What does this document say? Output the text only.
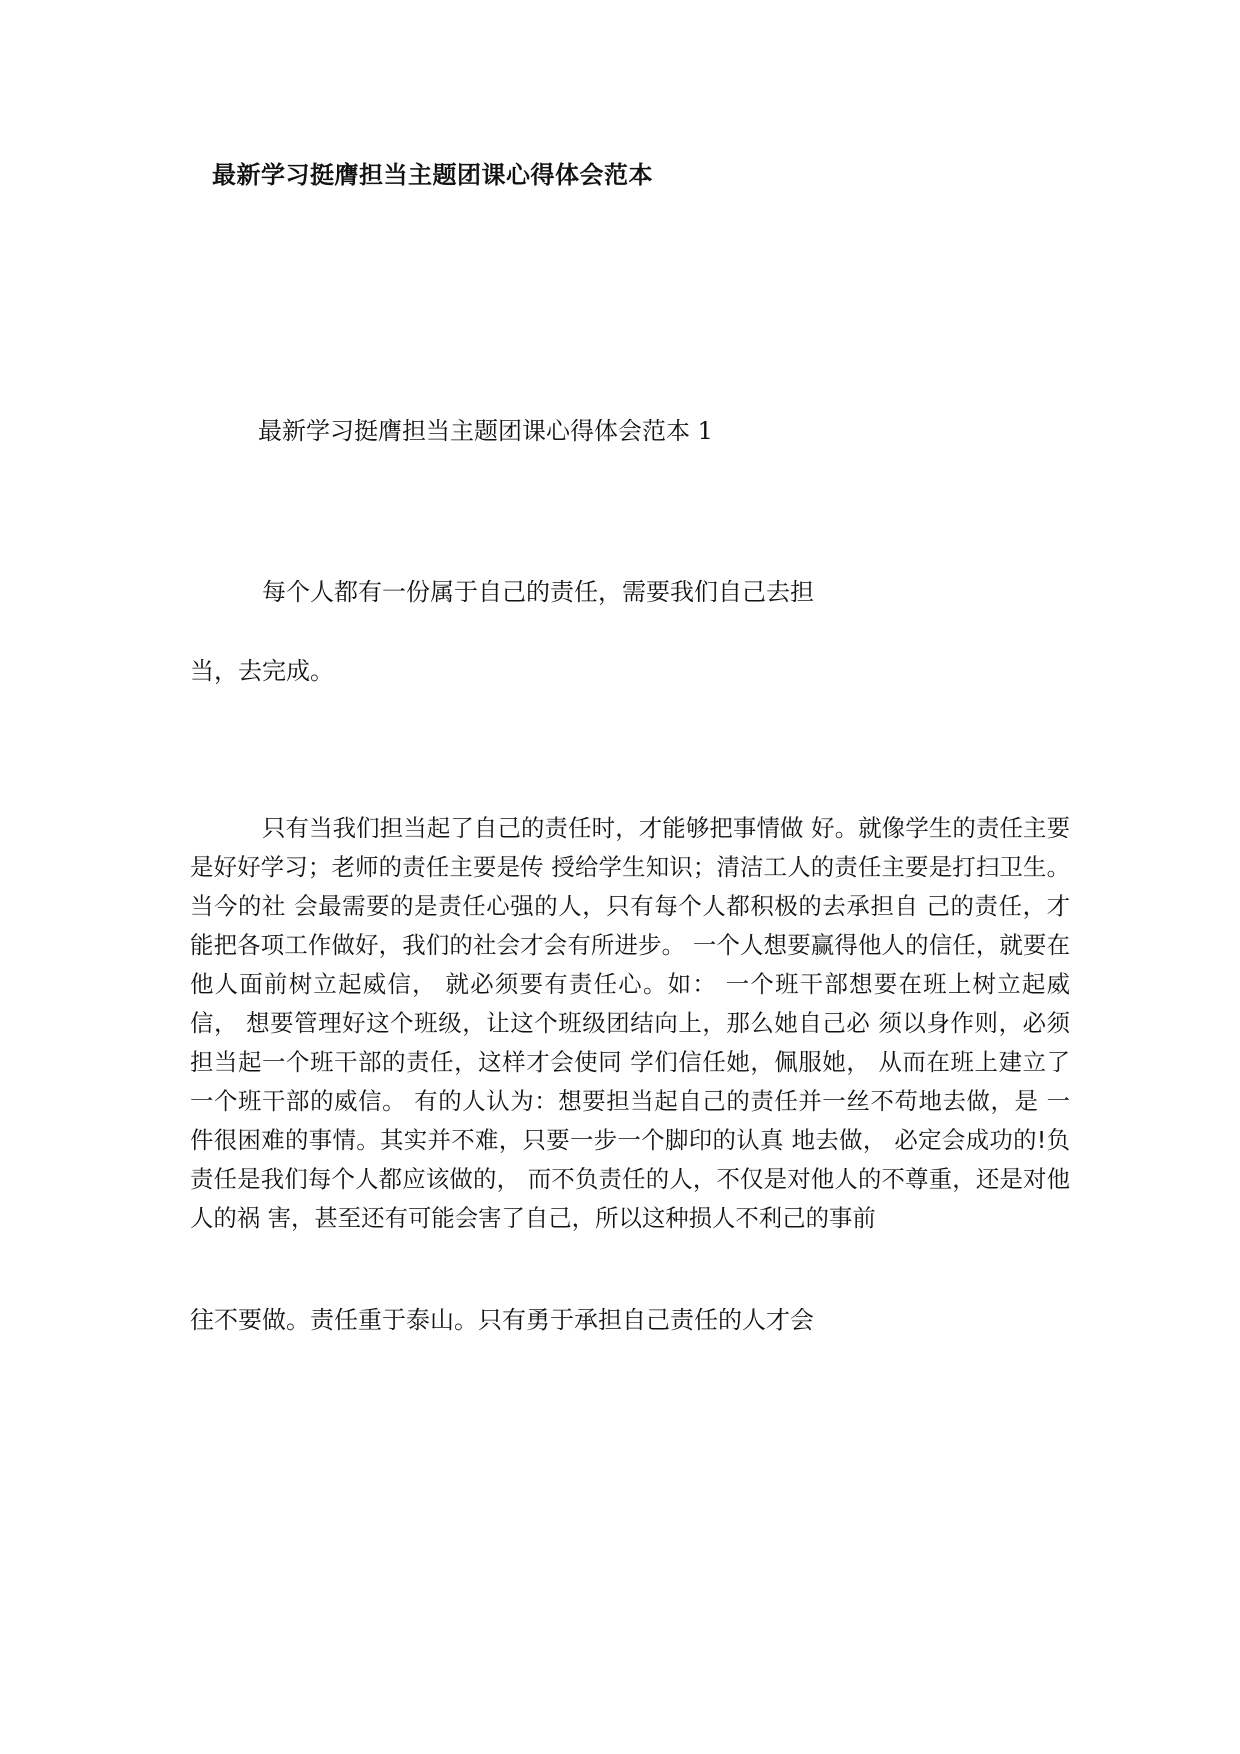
最新学习挺膺担当主题团课心得体会范本
最新学习挺膺担当主题团课心得体会范本 1

每个人都有一份属于自己的责任，需要我们自己去担

当，去完成。

只有当我们担当起了自己的责任时，才能够把事情做 好。就像学生的责任主要是好好学习；老师的责任主要是传 授给学生知识；清洁工人的责任主要是打扫卫生。当今的社 会最需要的是责任心强的人，只有每个人都积极的去承担自 己的责任，才能把各项工作做好，我们的社会才会有所进步。 一个人想要赢得他人的信任，就要在他人面前树立起威信， 就必须要有责任心。如： 一个班干部想要在班上树立起威信， 想要管理好这个班级，让这个班级团结向上，那么她自己必 须以身作则，必须担当起一个班干部的责任，这样才会使同 学们信任她，佩服她， 从而在班上建立了一个班干部的威信。 有的人认为：想要担当起自己的责任并一丝不苟地去做，是 一件很困难的事情。其实并不难，只要一步一个脚印的认真 地去做， 必定会成功的!负责任是我们每个人都应该做的， 而不负责任的人，不仅是对他人的不尊重，还是对他人的祸 害，甚至还有可能会害了自己，所以这种损人不利己的事前

往不要做。责任重于泰山。只有勇于承担自己责任的人才会
